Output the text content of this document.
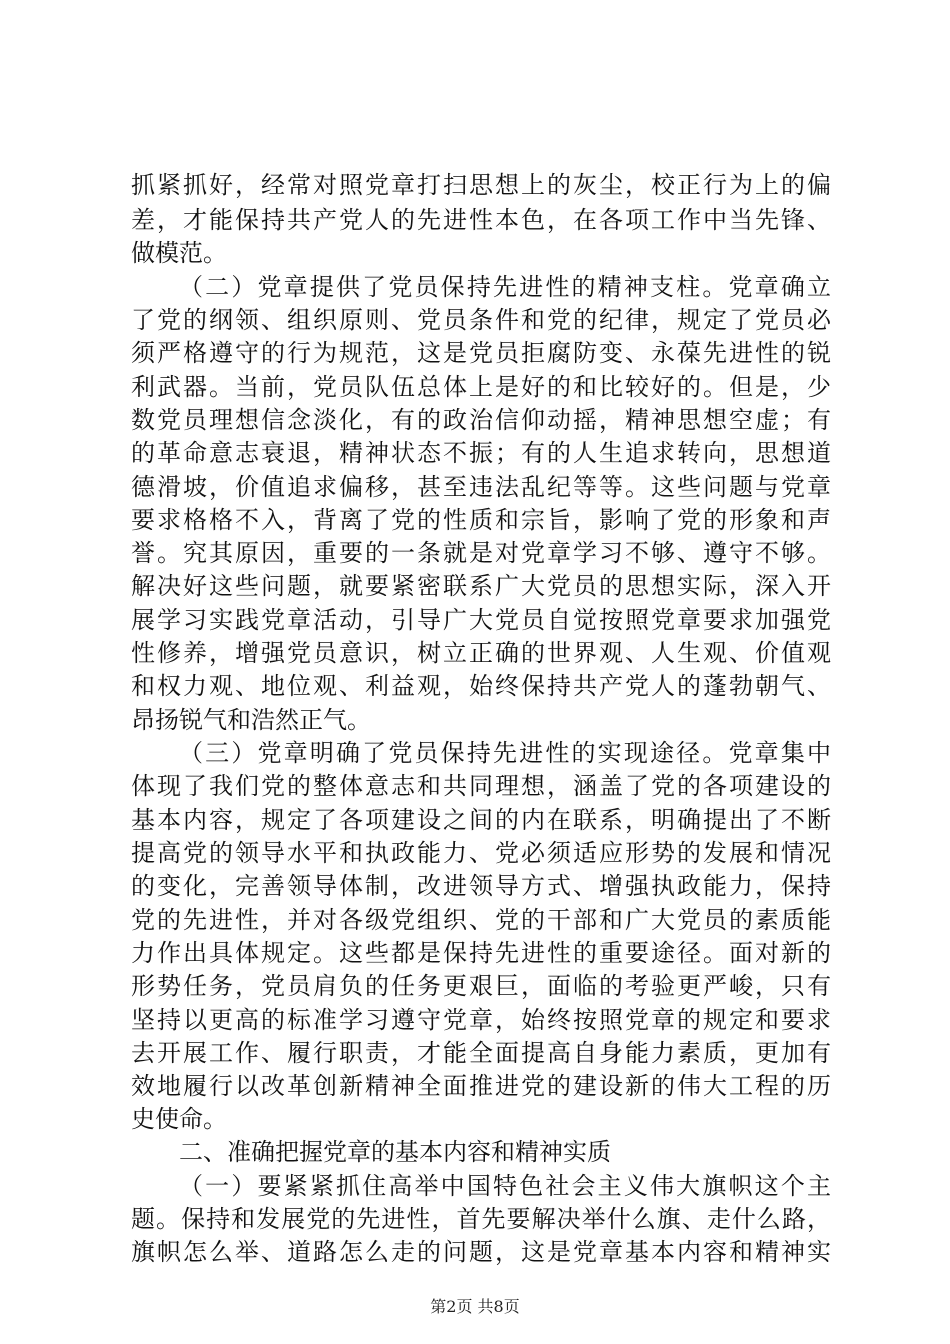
抓紧抓好，经常对照党章打扫思想上的灰尘，校正行为上的偏
差，才能保持共产党人的先进性本色，在各项工作中当先锋、
做模范。
（二）党章提供了党员保持先进性的精神支柱。党章确立
了党的纲领、组织原则、党员条件和党的纪律，规定了党员必
须严格遵守的行为规范，这是党员拒腐防变、永葆先进性的锐
利武器。当前，党员队伍总体上是好的和比较好的。但是，少
数党员理想信念淡化，有的政治信仰动摇，精神思想空虚；有
的革命意志衰退，精神状态不振；有的人生追求转向，思想道
德滑坡，价值追求偏移，甚至违法乱纪等等。这些问题与党章
要求格格不入，背离了党的性质和宗旨，影响了党的形象和声
誉。究其原因，重要的一条就是对党章学习不够、遵守不够。
解决好这些问题，就要紧密联系广大党员的思想实际，深入开
展学习实践党章活动，引导广大党员自觉按照党章要求加强党
性修养，增强党员意识，树立正确的世界观、人生观、价值观
和权力观、地位观、利益观，始终保持共产党人的蓬勃朝气、
昂扬锐气和浩然正气。
（三）党章明确了党员保持先进性的实现途径。党章集中
体现了我们党的整体意志和共同理想，涵盖了党的各项建设的
基本内容，规定了各项建设之间的内在联系，明确提出了不断
提高党的领导水平和执政能力、党必须适应形势的发展和情况
的变化，完善领导体制，改进领导方式、增强执政能力，保持
党的先进性，并对各级党组织、党的干部和广大党员的素质能
力作出具体规定。这些都是保持先进性的重要途径。面对新的
形势任务，党员肩负的任务更艰巨，面临的考验更严峻，只有
坚持以更高的标准学习遵守党章，始终按照党章的规定和要求
去开展工作、履行职责，才能全面提高自身能力素质，更加有
效地履行以改革创新精神全面推进党的建设新的伟大工程的历
史使命。
二、准确把握党章的基本内容和精神实质
（一）要紧紧抓住高举中国特色社会主义伟大旗帜这个主
题。保持和发展党的先进性，首先要解决举什么旗、走什么路，
旗帜怎么举、道路怎么走的问题，这是党章基本内容和精神实
第2页 共8页
